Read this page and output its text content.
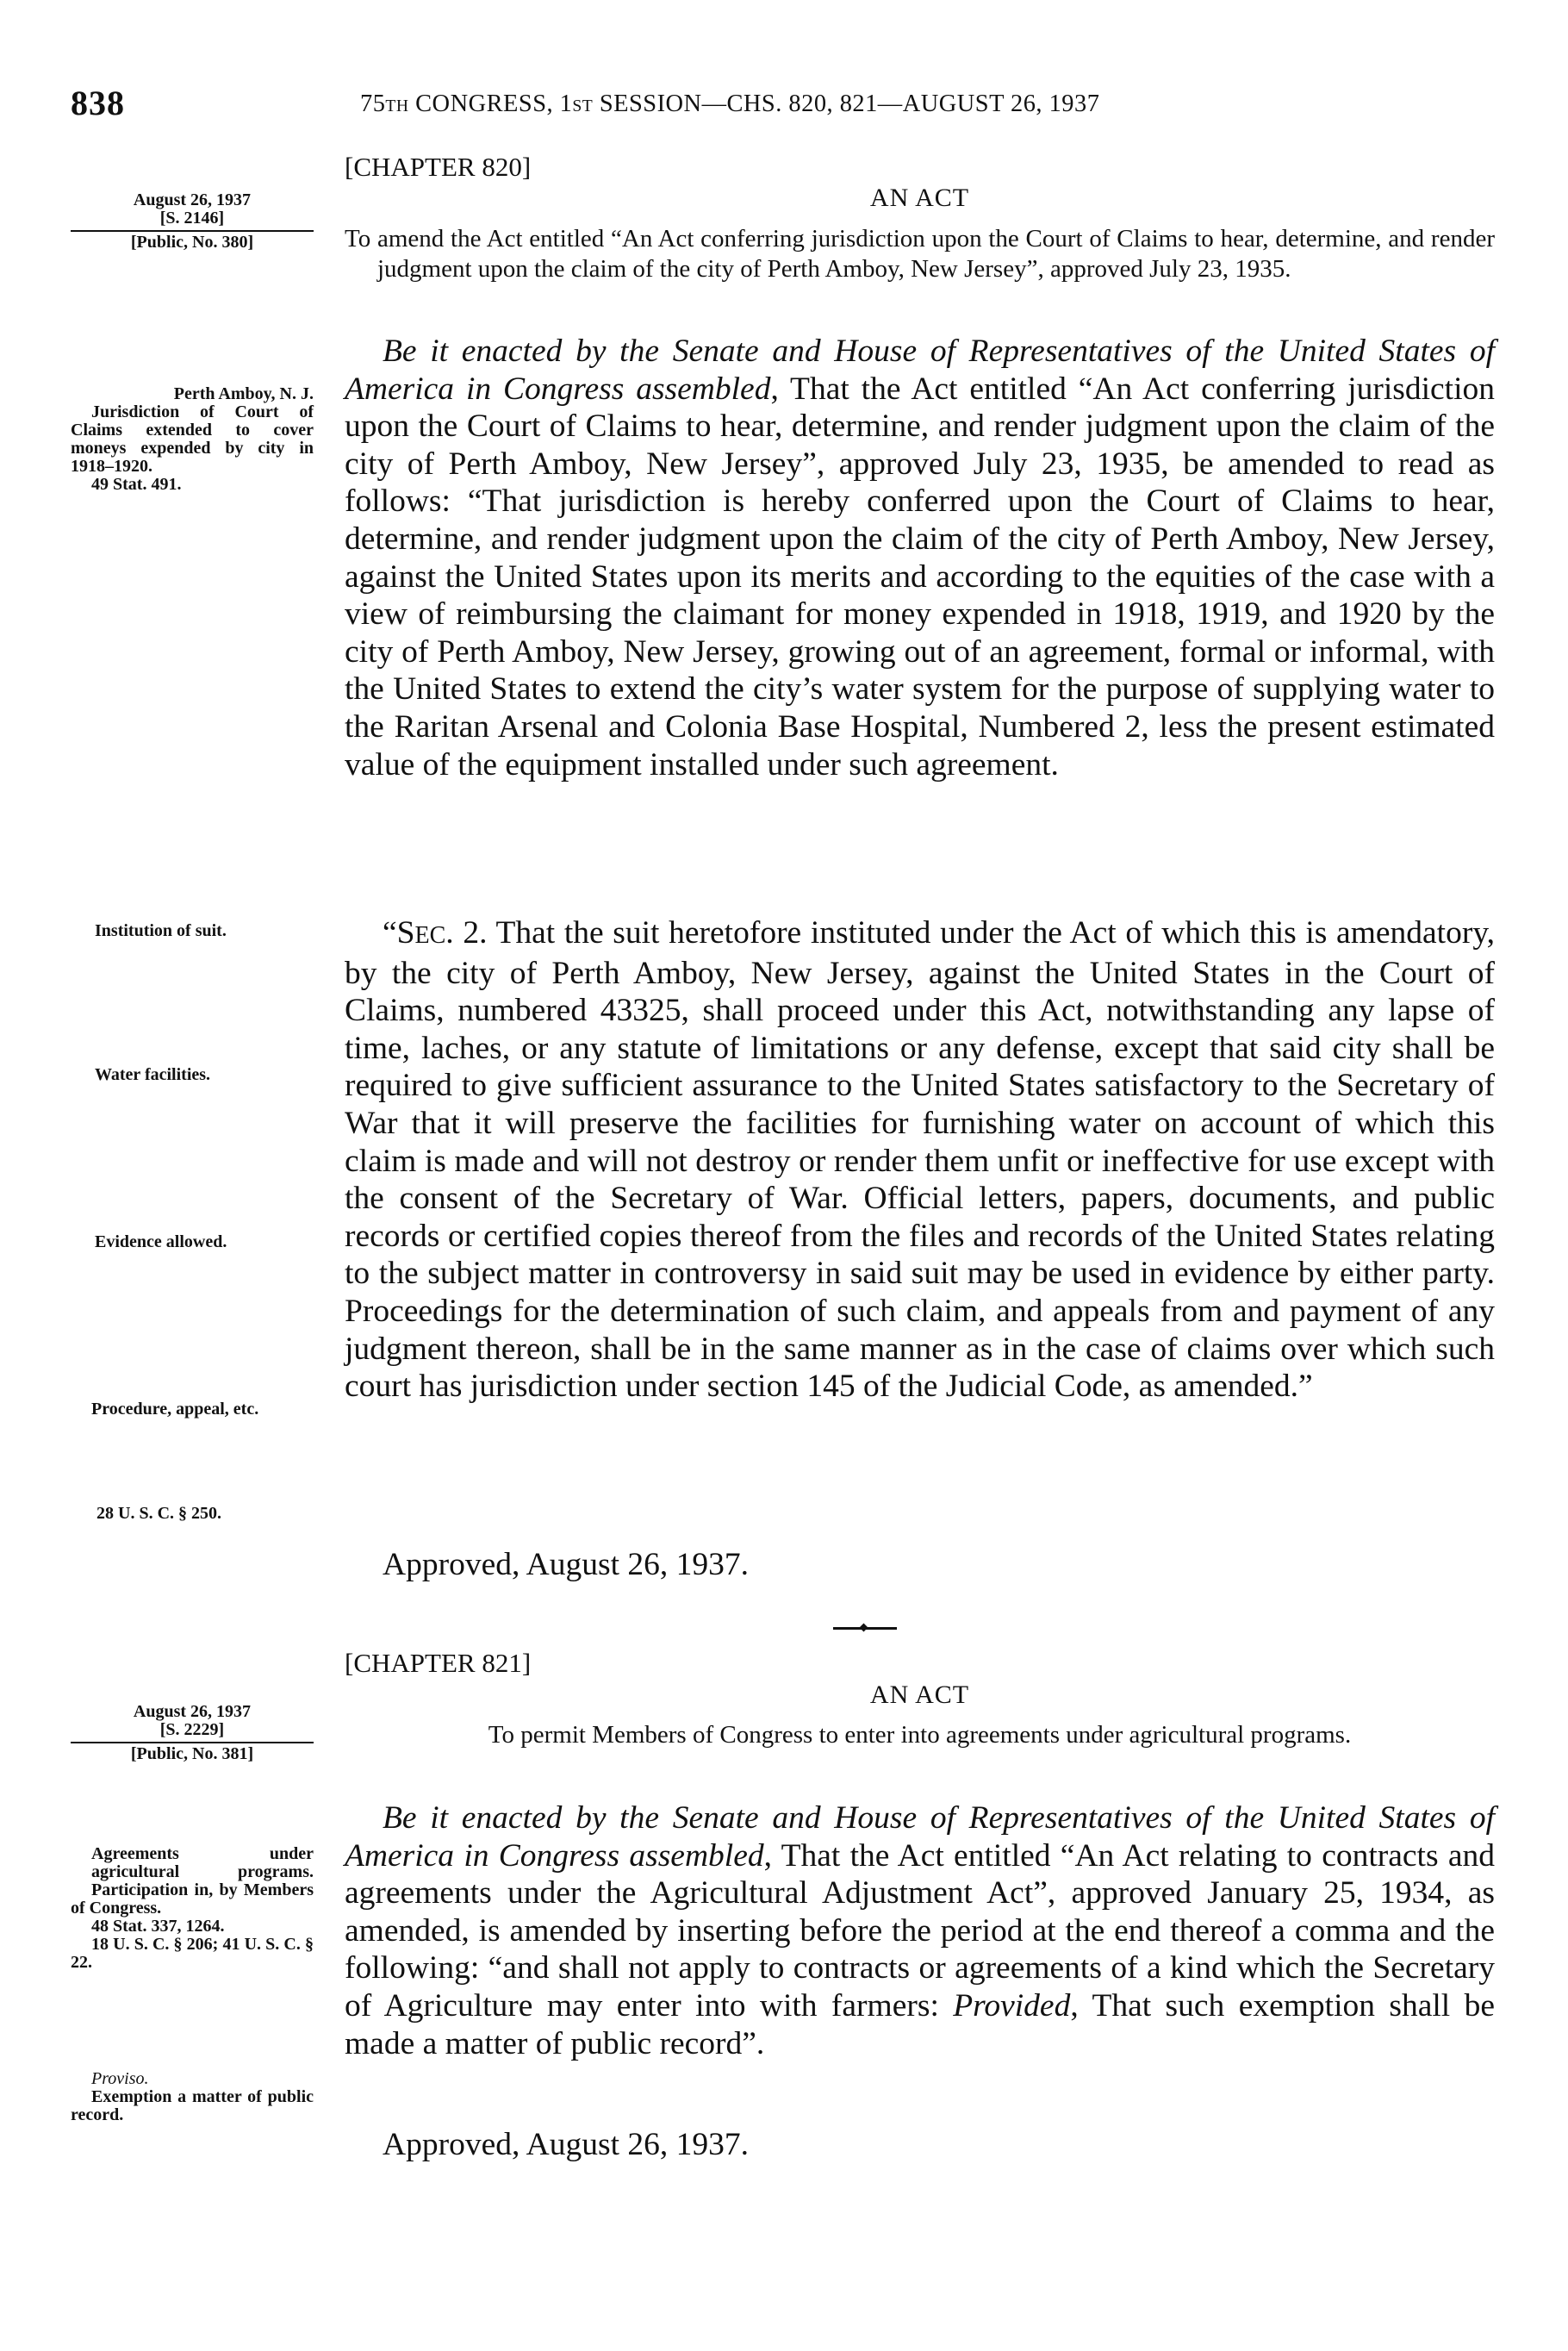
838	75TH CONGRESS, 1ST SESSION—CHS. 820, 821—AUGUST 26, 1937
[CHAPTER 820]
AN ACT
August 26, 1937
[S. 2146]
[Public, No. 380]	To amend the Act entitled “An Act conferring jurisdiction upon the Court of Claims to hear, determine, and render judgment upon the claim of the city of Perth Amboy, New Jersey”, approved July 23, 1935.
Be it enacted by the Senate and House of Representatives of the United States of America in Congress assembled, That the Act entitled “An Act conferring jurisdiction upon the Court of Claims to hear, determine, and render judgment upon the claim of the city of Perth Amboy, New Jersey”, approved July 23, 1935, be amended to read as follows: “That jurisdiction is hereby conferred upon the Court of Claims to hear, determine, and render judgment upon the claim of the city of Perth Amboy, New Jersey, against the United States upon its merits and according to the equities of the case with a view of reimbursing the claimant for money expended in 1918, 1919, and 1920 by the city of Perth Amboy, New Jersey, growing out of an agreement, formal or informal, with the United States to extend the city’s water system for the purpose of supplying water to the Raritan Arsenal and Colonia Base Hospital, Numbered 2, less the present estimated value of the equipment installed under such agreement.
“SEC. 2. That the suit heretofore instituted under the Act of which this is amendatory, by the city of Perth Amboy, New Jersey, against the United States in the Court of Claims, numbered 43325, shall proceed under this Act, notwithstanding any lapse of time, laches, or any statute of limitations or any defense, except that said city shall be required to give sufficient assurance to the United States satisfactory to the Secretary of War that it will preserve the facilities for furnishing water on account of which this claim is made and will not destroy or render them unfit or ineffective for use except with the consent of the Secretary of War. Official letters, papers, documents, and public records or certified copies thereof from the files and records of the United States relating to the subject matter in controversy in said suit may be used in evidence by either party. Proceedings for the determination of such claim, and appeals from and payment of any judgment thereon, shall be in the same manner as in the case of claims over which such court has jurisdiction under section 145 of the Judicial Code, as amended.”
Approved, August 26, 1937.
Perth Amboy, N. J.
Jurisdiction of Court of Claims extended to cover moneys expended by city in 1918–1920.
49 Stat. 491.
Institution of suit.
Water facilities.
Evidence allowed.
Procedure, appeal, etc.
28 U. S. C. § 250.
[CHAPTER 821]
AN ACT
August 26, 1937
[S. 2229]
[Public, No. 381]
To permit Members of Congress to enter into agreements under agricultural programs.
Be it enacted by the Senate and House of Representatives of the United States of America in Congress assembled, That the Act entitled “An Act relating to contracts and agreements under the Agricultural Adjustment Act”, approved January 25, 1934, as amended, is amended by inserting before the period at the end thereof a comma and the following: “and shall not apply to contracts or agreements of a kind which the Secretary of Agriculture may enter into with farmers: Provided, That such exemption shall be made a matter of public record”.
Approved, August 26, 1937.
Agreements under agricultural programs.
Participation in, by Members of Congress.
48 Stat. 337, 1264.
18 U. S. C. § 206; 41 U. S. C. § 22.
Proviso.
Exemption a matter of public record.
